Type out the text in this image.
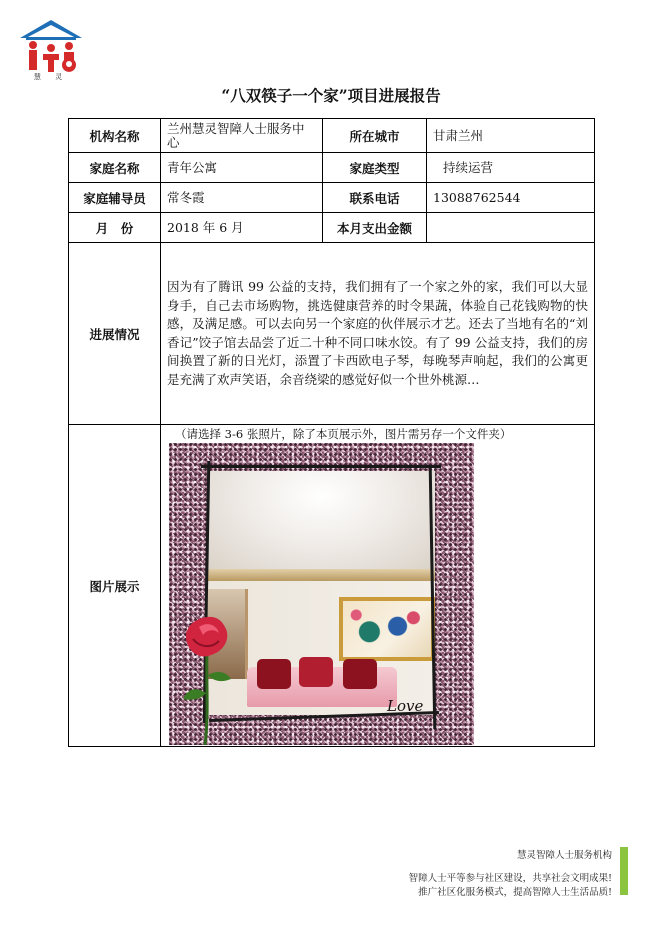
慧 灵
“八双筷子一个家”项目进展报告
机构名称	兰州慧灵智障人士服务中心	所在城市	甘肃兰州
家庭名称	青年公寓	家庭类型	持续运营
家庭辅导员	常冬霞	联系电话	13088762544
月　份	2018 年 6 月	本月支出金额	
进展情况	因为有了腾讯 99 公益的支持，我们拥有了一个家之外的家，我们可以大显身手，自己去市场购物，挑选健康营养的时令果蔬，体验自己花钱购物的快感，及满足感。可以去向另一个家庭的伙伴展示才艺。还去了当地有名的“刘香记”饺子馆去品尝了近二十种不同口味水饺。有了 99 公益支持，我们的房间换置了新的日光灯，添置了卡西欧电子琴，每晚琴声响起，我们的公寓更是充满了欢声笑语，余音绕梁的感觉好似一个世外桃源…		
图片展示	（请选择 3-6 张照片，除了本页展示外，图片需另存一个文件夹）
Love		
慧灵智障人士服务机构
智障人士平等参与社区建设，共享社会文明成果!
推广社区化服务模式，提高智障人士生活品质!
